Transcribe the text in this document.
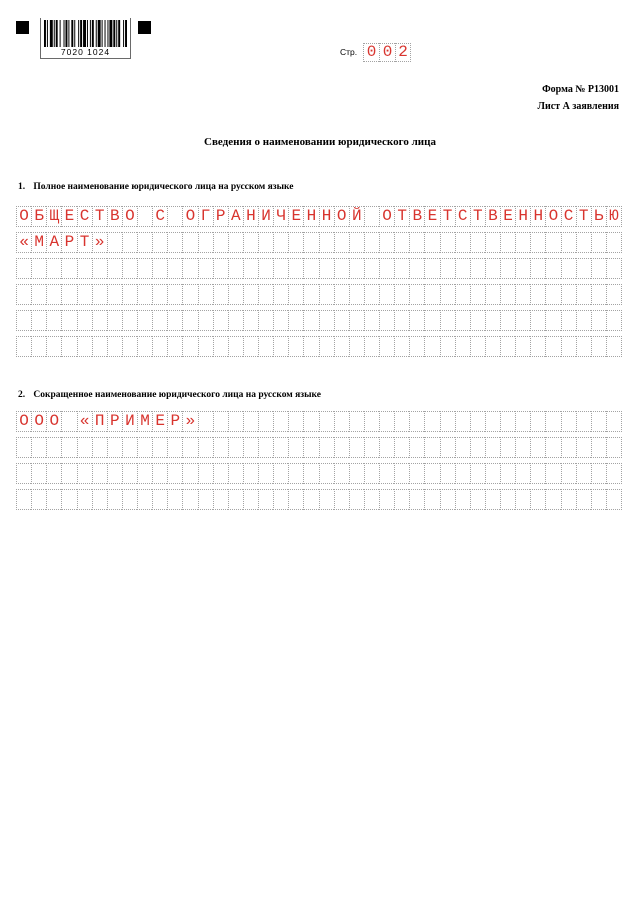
7020 1024	Стр. 0 0 2
Форма № Р13001
Лист А заявления
Сведения о наименовании юридического лица
1. Полное наименование юридического лица на русском языке
О Б Щ Е С Т В О С О Г Р А Н И Ч Е Н Н О Й О Т В Е Т С Т В Е Н Н О С Т Ь Ю
« М А Р Т »
2. Сокращенное наименование юридического лица на русском языке
О О О « П Р И М Е Р »
